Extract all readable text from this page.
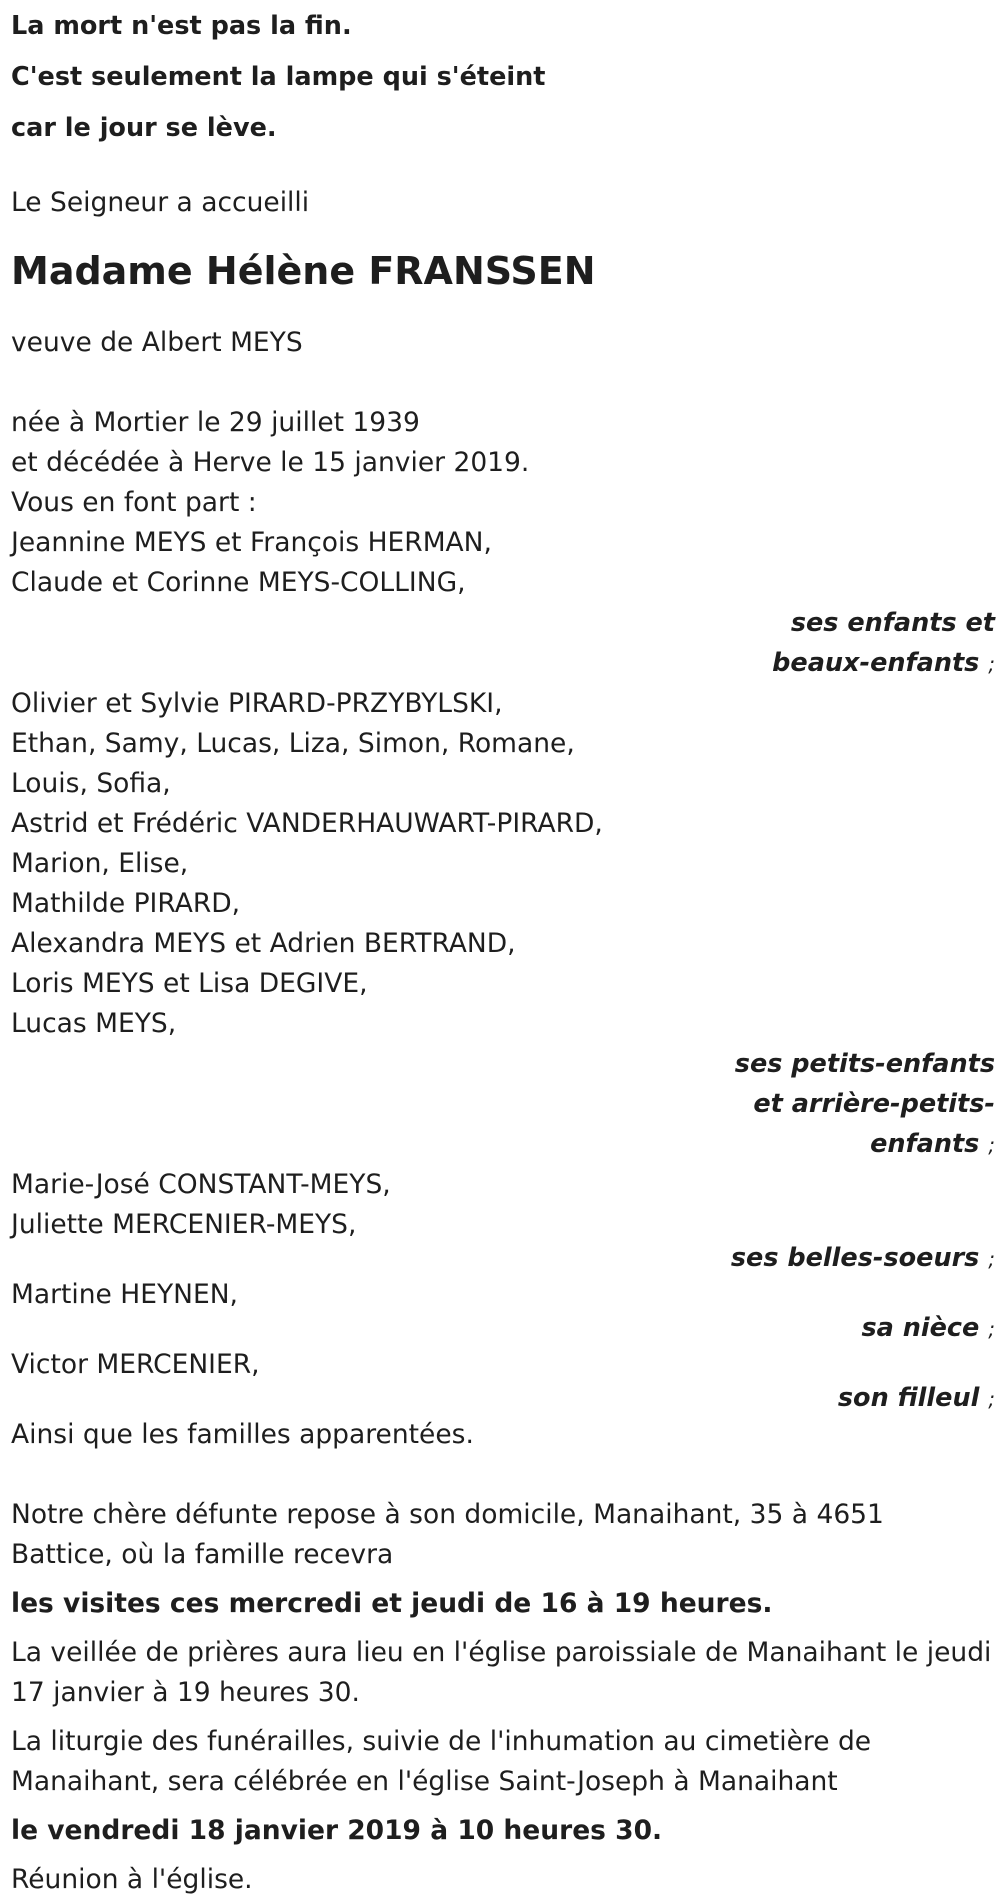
La mort n'est pas la fin.

C'est seulement la lampe qui s'éteint

car le jour se lève.

Le Seigneur a accueilli

Madame Hélène FRANSSEN

veuve de Albert MEYS

née à Mortier le 29 juillet 1939

et décédée à Herve le 15 janvier 2019.

Vous en font part :

Jeannine MEYS et François HERMAN,

Claude et Corinne MEYS-COLLING,

ses enfants et

beaux-enfants ;

Olivier et Sylvie PIRARD-PRZYBYLSKI,

Ethan, Samy, Lucas, Liza, Simon, Romane,

Louis, Sofia,

Astrid et Frédéric VANDERHAUWART-PIRARD,

Marion, Elise,

Mathilde PIRARD,

Alexandra MEYS et Adrien BERTRAND,

Loris MEYS et Lisa DEGIVE,

Lucas MEYS,

ses petits-enfants

et arrière-petits-

enfants ;

Marie-José CONSTANT-MEYS,

Juliette MERCENIER-MEYS,

ses belles-soeurs ;

Martine HEYNEN,

sa nièce ;

Victor MERCENIER,

son filleul ;

Ainsi que les familles apparentées.

Notre chère défunte repose à son domicile, Manaihant, 35 à 4651

Battice, où la famille recevra

les visites ces mercredi et jeudi de 16 à 19 heures.

La veillée de prières aura lieu en l'église paroissiale de Manaihant le jeudi

17 janvier à 19 heures 30.

La liturgie des funérailles, suivie de l'inhumation au cimetière de

Manaihant, sera célébrée en l'église Saint-Joseph à Manaihant

le vendredi 18 janvier 2019 à 10 heures 30.

Réunion à l'église.
